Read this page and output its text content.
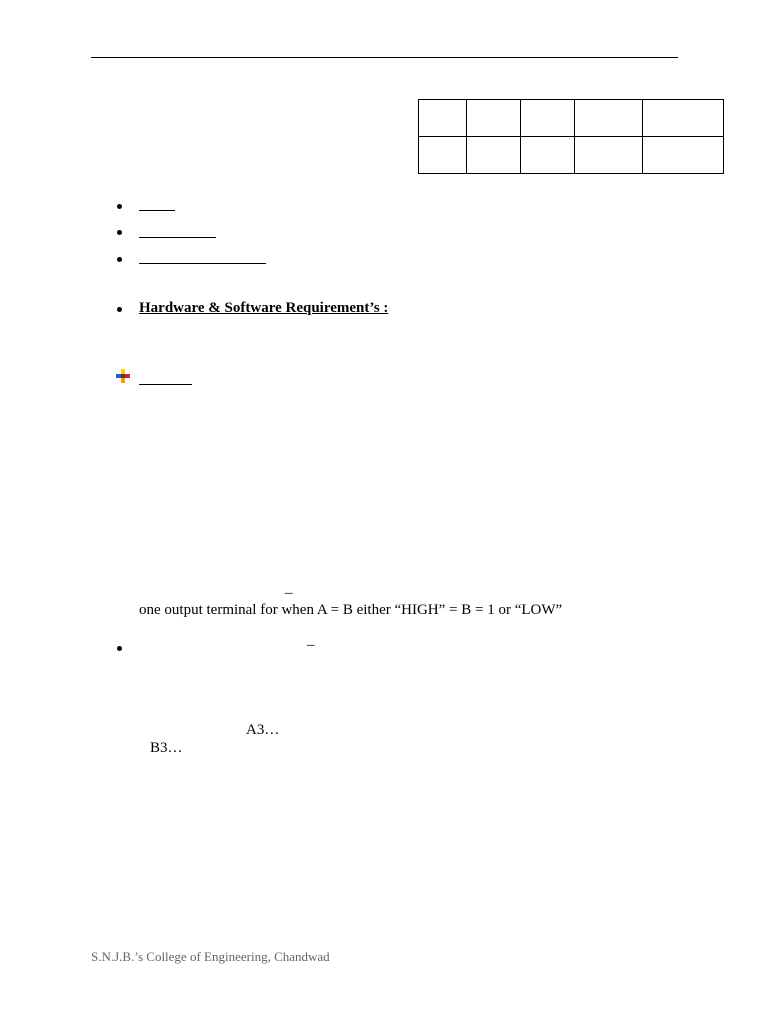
Hardware & Software Requirement’s :
–
one output terminal for when A = B either “HIGH” = B = 1 or “LOW”
–
A3…
B3…
S.N.J.B.’s College of Engineering, Chandwad
